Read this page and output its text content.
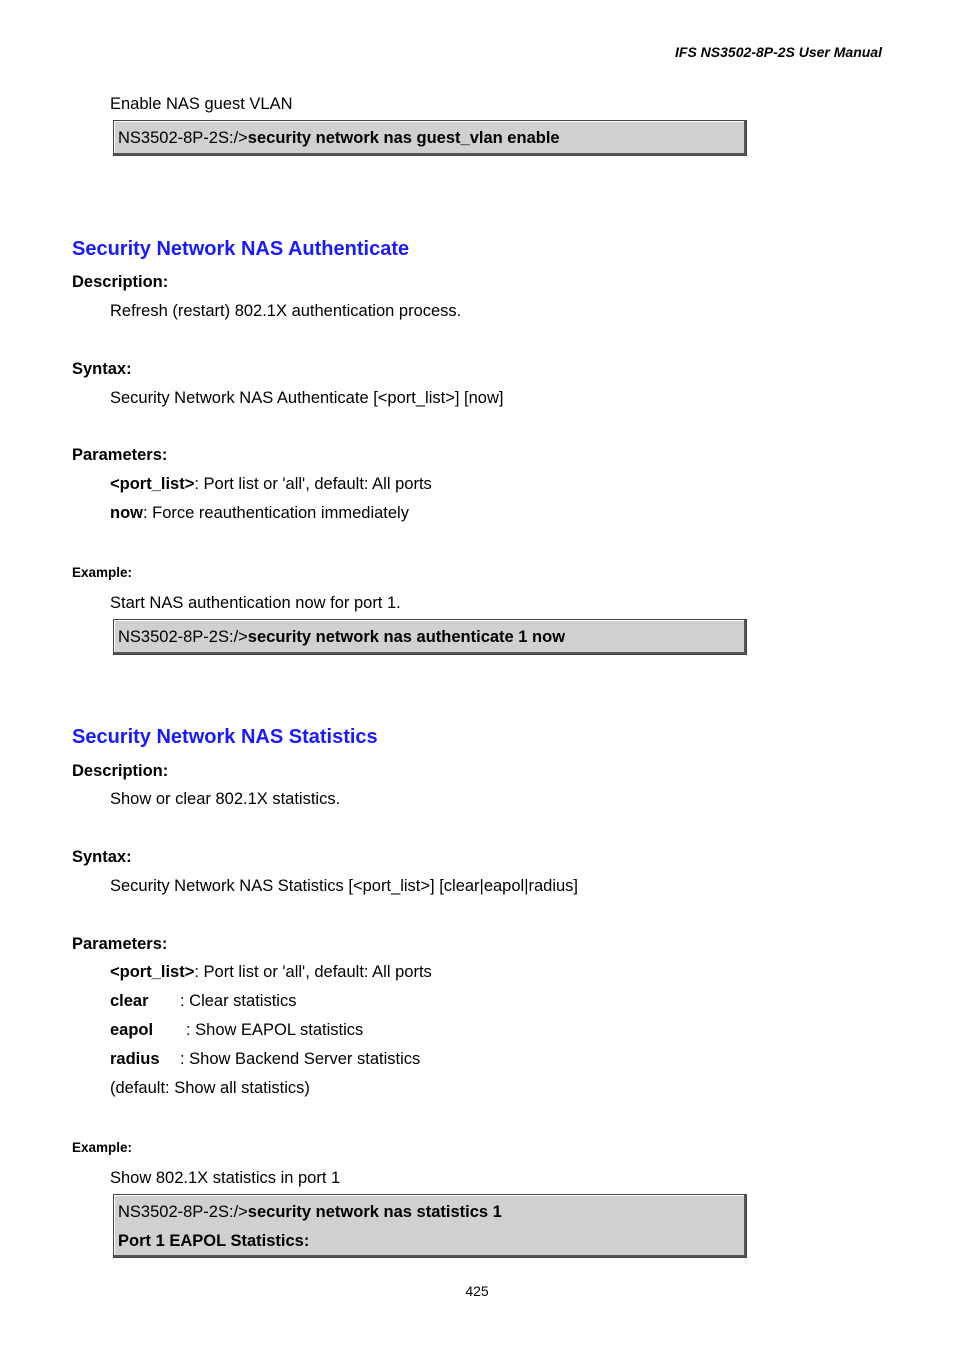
IFS NS3502-8P-2S User Manual
Enable NAS guest VLAN
NS3502-8P-2S:/>security network nas guest_vlan enable
Security Network NAS Authenticate
Description:
Refresh (restart) 802.1X authentication process.
Syntax:
Security Network NAS Authenticate [<port_list>] [now]
Parameters:
<port_list>: Port list or 'all', default: All ports
now: Force reauthentication immediately
Example:
Start NAS authentication now for port 1.
NS3502-8P-2S:/>security network nas authenticate 1 now
Security Network NAS Statistics
Description:
Show or clear 802.1X statistics.
Syntax:
Security Network NAS Statistics [<port_list>] [clear|eapol|radius]
Parameters:
<port_list>: Port list or 'all', default: All ports
clear : Clear statistics
eapol : Show EAPOL statistics
radius : Show Backend Server statistics
(default: Show all statistics)
Example:
Show 802.1X statistics in port 1
NS3502-8P-2S:/>security network nas statistics 1
Port 1 EAPOL Statistics:
425
